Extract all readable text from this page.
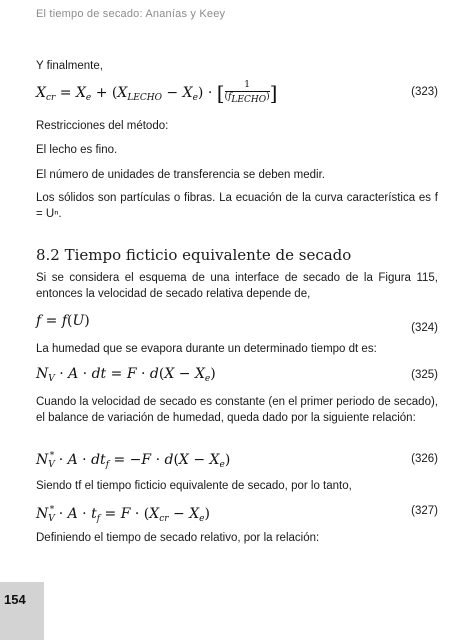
El tiempo de secado: Ananías y Keey
Y finalmente,
$X_{cr} = X_e + (X_{LECHO} - X_e)$ · [ $\frac{1}{\text{(fLECHO)}}$ ]	(323)
Restricciones del método:
El lecho es fino.
El número de unidades de transferencia se deben medir.
Los sólidos son partículas o fibras. La ecuación de la curva característica es f = Uⁿ.
8.2 Tiempo ficticio equivalente de secado
Si se considera el esquema de una interface de secado de la Figura 115, entonces la velocidad de secado relativa depende de,
f = f(U)	(324)
La humedad que se evapora durante un determinado tiempo dt es:
$N_V \cdot A$ · dt = $F \cdot d(X - X_e)$	(325)
Cuando la velocidad de secado es constante (en el primer periodo de secado), el balance de variación de humedad, queda dado por la siguiente relación:
$N_V^* \cdot A \cdot dt_f = -F \cdot d(X - X_e)$	(326)
Siendo tf el tiempo ficticio equivalente de secado, por lo tanto,
$N_V^* \cdot A \cdot t_f = F \cdot (X_{cr} - X_e)$	(327)
Definiendo el tiempo de secado relativo, por la relación:
154
